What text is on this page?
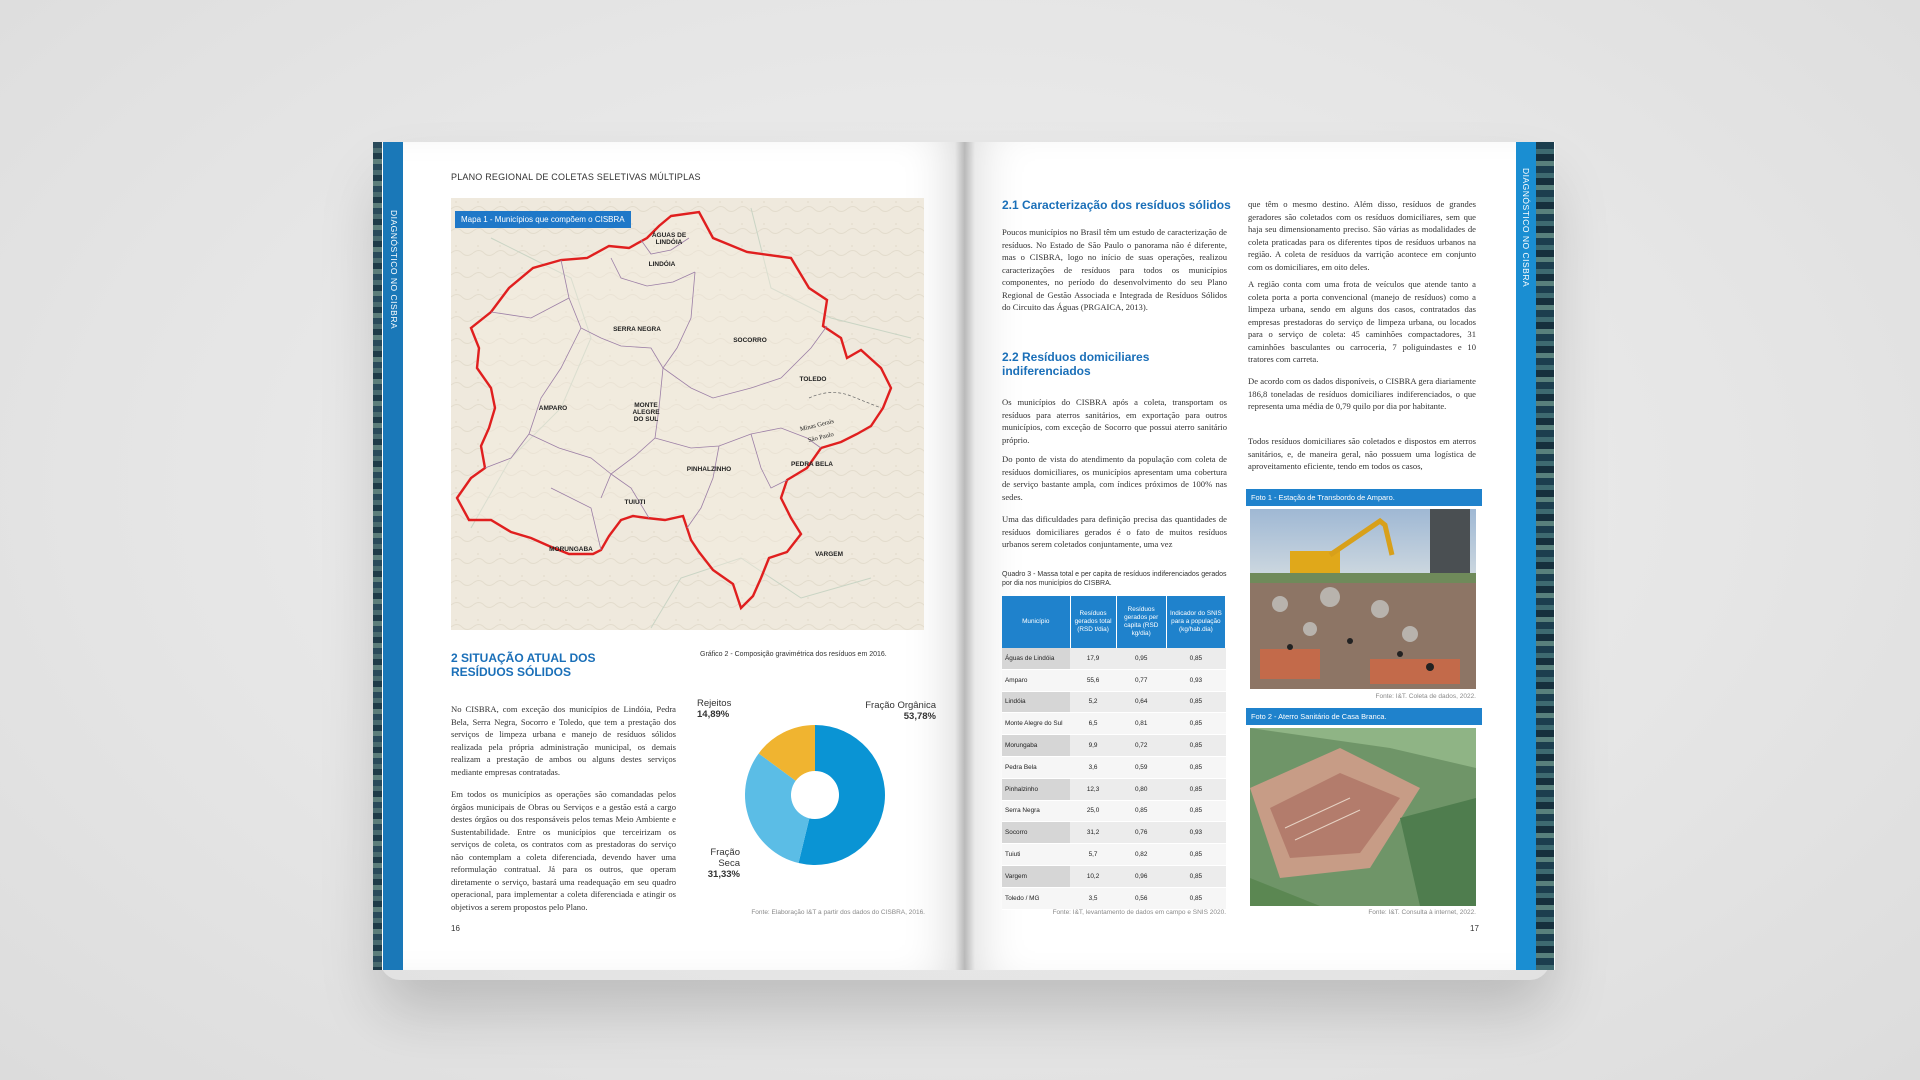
DIAGNÓSTICO NO CISBRA
PLANO REGIONAL DE COLETAS SELETIVAS MÚLTIPLAS
Mapa 1 - Municípios que compõem o CISBRA
ÁGUAS DE LINDÓIA
LINDÓIA
SERRA NEGRA
SOCORRO
AMPARO	MONTE ALEGRE DO SUL
TOLEDO
Minas Gerais
São Paulo
PINHALZINHO
PEDRA BELA
TUIUTI
MORUNGABA
VARGEM
2 SITUAÇÃO ATUAL DOS RESÍDUOS SÓLIDOS
No CISBRA, com exceção dos municípios de Lindóia, Pedra Bela, Serra Negra, Socorro e Toledo, que tem a prestação dos serviços de limpeza urbana e manejo de resíduos sólidos realizada pela própria administração municipal, os demais realizam a prestação de ambos ou alguns destes serviços mediante empresas contratadas.
Em todos os municípios as operações são comandadas pelos órgãos municipais de Obras ou Serviços e a gestão está a cargo destes órgãos ou dos responsáveis pelos temas Meio Ambiente e Sustentabilidade. Entre os municípios que terceirizam os serviços de coleta, os contratos com as prestadoras do serviço não contemplam a coleta diferenciada, devendo haver uma reformulação contratual. Já para os outros, que operam diretamente o serviço, bastará uma readequação em seu quadro operacional, para implementar a coleta diferenciada e atingir os objetivos a serem propostos pelo Plano.
Gráfico 2 - Composição gravimétrica dos resíduos em 2016.
Fração Orgânica
53,78%
Fração Seca
31,33%
Rejeitos
14,89%
Fonte: Elaboração I&T a partir dos dados do CISBRA, 2016.
16
2.1 Caracterização dos resíduos sólidos
Poucos municípios no Brasil têm um estudo de caracterização de resíduos. No Estado de São Paulo o panorama não é diferente, mas o CISBRA, logo no início de suas operações, realizou caracterizações de resíduos para todos os municípios componentes, no período do desenvolvimento do seu Plano Regional de Gestão Associada e Integrada de Resíduos Sólidos do Circuito das Águas (PRGAICA, 2013).
2.2 Resíduos domiciliares indiferenciados
Os municípios do CISBRA após a coleta, transportam os resíduos para aterros sanitários, em exportação para outros municípios, com exceção de Socorro que possui aterro sanitário próprio.
Do ponto de vista do atendimento da população com coleta de resíduos domiciliares, os municípios apresentam uma cobertura de serviço bastante ampla, com índices próximos de 100% nas sedes.
Uma das dificuldades para definição precisa das quantidades de resíduos domiciliares gerados é o fato de muitos resíduos urbanos serem coletados conjuntamente, uma vez
Quadro 3 - Massa total e per capita de resíduos indiferenciados gerados por dia nos municípios do CISBRA.
Município	Resíduos gerados total (RSD t/dia)	Resíduos gerados per capita (RSD kg/dia)	Indicador do SNIS para a população (kg/hab.dia)
Águas de Lindóia	17,9	0,95	0,85
Amparo	55,6	0,77	0,93
Lindóia	5,2	0,64	0,85
Monte Alegre do Sul	6,5	0,81	0,85
Morungaba	9,9	0,72	0,85
Pedra Bela	3,6	0,59	0,85
Pinhalzinho	12,3	0,80	0,85
Serra Negra	25,0	0,85	0,85
Socorro	31,2	0,76	0,93
Tuiuti	5,7	0,82	0,85
Vargem	10,2	0,96	0,85
Toledo / MG	3,5	0,56	0,85
Fonte: I&T, levantamento de dados em campo e SNIS 2020.
que têm o mesmo destino. Além disso, resíduos de grandes geradores são coletados com os resíduos domiciliares, sem que haja seu dimensionamento preciso. São várias as modalidades de coleta praticadas para os diferentes tipos de resíduos urbanos na região. A coleta de resíduos da varrição acontece em conjunto com os domiciliares, em oito deles.
A região conta com uma frota de veículos que atende tanto a coleta porta a porta convencional (manejo de resíduos) como a limpeza urbana, sendo em alguns dos casos, contratados das empresas prestadoras do serviço de limpeza urbana, ou locados para o serviço de coleta: 45 caminhões compactadores, 31 caminhões basculantes ou carroceria, 7 poliguindastes e 10 tratores com carreta.
De acordo com os dados disponíveis, o CISBRA gera diariamente 186,8 toneladas de resíduos domiciliares indiferenciados, o que representa uma média de 0,79 quilo por dia por habitante.
Todos resíduos domiciliares são coletados e dispostos em aterros sanitários, e, de maneira geral, não possuem uma logística de aproveitamento eficiente, tendo em todos os casos,
Foto 1 - Estação de Transbordo de Amparo.
Fonte: I&T. Coleta de dados, 2022.
Foto 2 - Aterro Sanitário de Casa Branca.
Fonte: I&T. Consulta à internet, 2022.
17
DIAGNÓSTICO NO CISBRA
